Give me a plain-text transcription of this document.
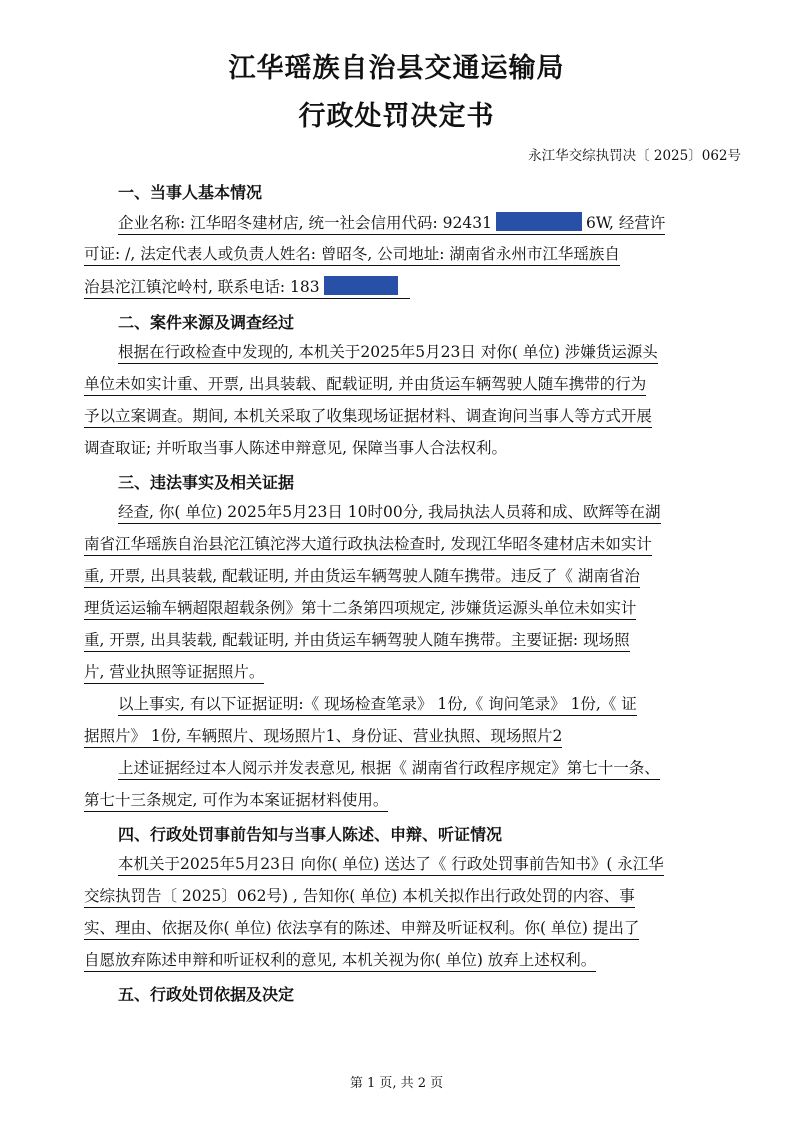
江华瑶族自治县交通运输局
行政处罚决定书
永江华交综执罚决〔 2025〕062号
一、当事人基本情况
企业名称: 江华昭冬建材店, 统一社会信用代码: 92431	6W, 经营许
可证: /, 法定代表人或负责人姓名: 曾昭冬, 公司地址: 湖南省永州市江华瑶族自
治县沱江镇沱岭村, 联系电话: 183
二、案件来源及调查经过
根据在行政检查中发现的, 本机关于2025年5月23日 对你( 单位) 涉嫌货运源头
单位未如实计重、开票, 出具装载、配载证明, 并由货运车辆驾驶人随车携带的行为
予以立案调查。期间, 本机关采取了收集现场证据材料、调查询问当事人等方式开展
调查取证; 并听取当事人陈述申辩意见, 保障当事人合法权利。
三、违法事实及相关证据
经查, 你( 单位) 2025年5月23日 10时00分, 我局执法人员蒋和成、欧辉等在湖
南省江华瑶族自治县沱江镇沱涔大道行政执法检查时, 发现江华昭冬建材店未如实计
重, 开票, 出具装载, 配载证明, 并由货运车辆驾驶人随车携带。违反了《 湖南省治
理货运运输车辆超限超载条例》第十二条第四项规定, 涉嫌货运源头单位未如实计
重, 开票, 出具装载, 配载证明, 并由货运车辆驾驶人随车携带。主要证据: 现场照
片, 营业执照等证据照片。
以上事实, 有以下证据证明:《 现场检查笔录》 1份,《 询问笔录》 1份,《 证
据照片》 1份, 车辆照片、现场照片1、身份证、营业执照、现场照片2
上述证据经过本人阅示并发表意见, 根据《 湖南省行政程序规定》第七十一条、
第七十三条规定, 可作为本案证据材料使用。
四、行政处罚事前告知与当事人陈述、申辩、听证情况
本机关于2025年5月23日 向你( 单位) 送达了《 行政处罚事前告知书》( 永江华
交综执罚告〔 2025〕062号) , 告知你( 单位) 本机关拟作出行政处罚的内容、事
实、理由、依据及你( 单位) 依法享有的陈述、申辩及听证权利。你( 单位) 提出了
自愿放弃陈述申辩和听证权利的意见, 本机关视为你( 单位) 放弃上述权利。
五、行政处罚依据及决定
第 1 页, 共 2 页
